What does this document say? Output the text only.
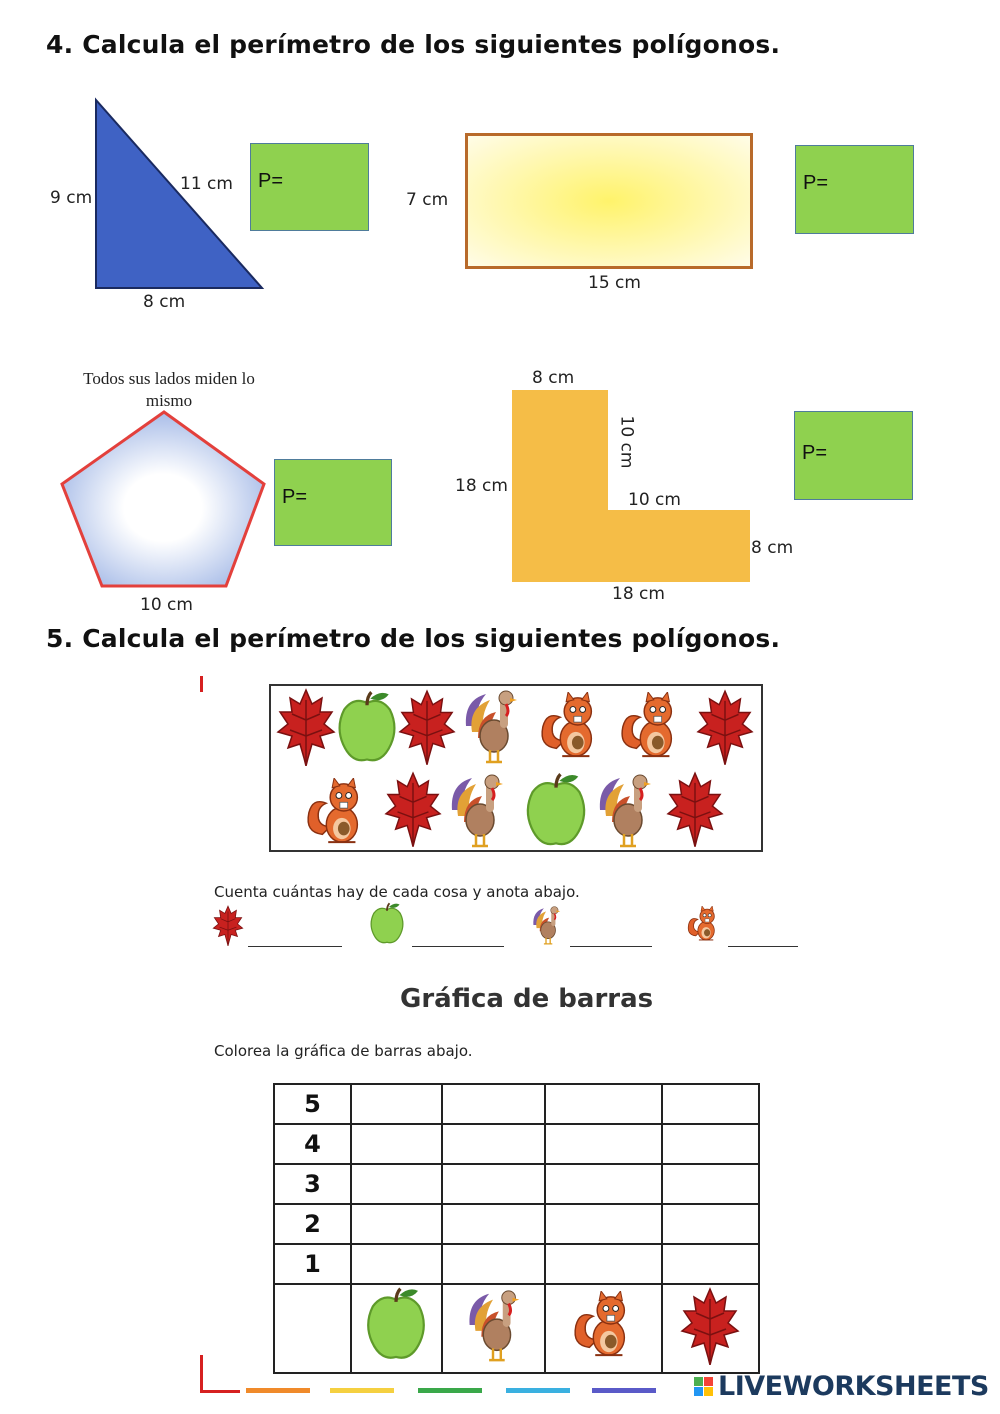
4. Calcula el perímetro de los siguientes polígonos.
9 cm
11 cm
8 cm
P=
7 cm
15 cm
P=
Todos sus lados miden lo mismo
10 cm
P=
8 cm
10 cm
18 cm
10 cm
8 cm
18 cm
P=
5. Calcula el perímetro de los siguientes polígonos.
Cuenta cuántas hay de cada cosa y anota abajo.
Gráfica de barras
Colorea la gráfica de barras abajo.
5				
4				
3				
2				
1				

LIVEWORKSHEETS
